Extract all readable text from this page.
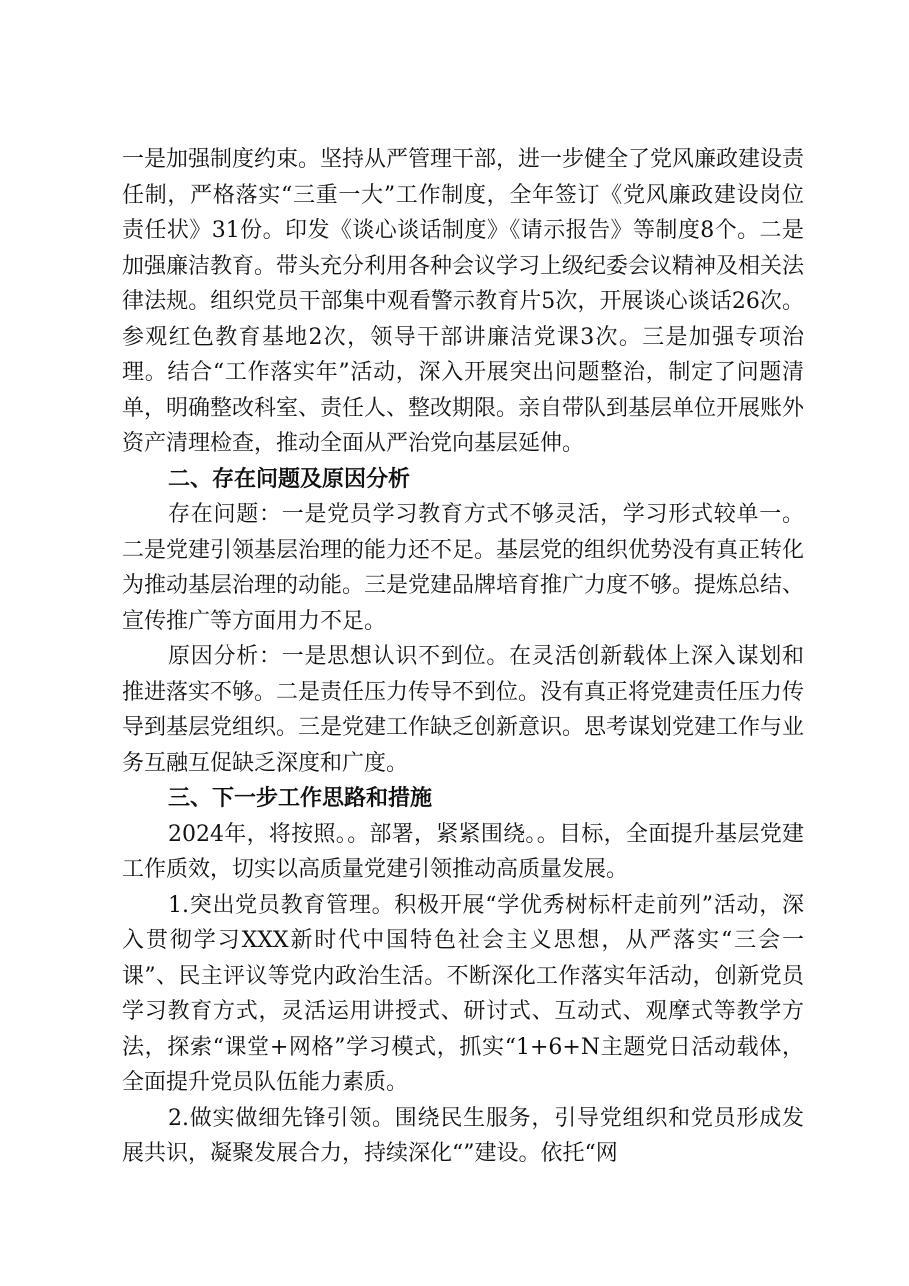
一是加强制度约束。坚持从严管理干部，进一步健全了党风廉政建设责任制，严格落实“三重一大”工作制度，全年签订《党风廉政建设岗位责任状》31份。印发《谈心谈话制度》《请示报告》等制度8个。二是加强廉洁教育。带头充分利用各种会议学习上级纪委会议精神及相关法律法规。组织党员干部集中观看警示教育片5次，开展谈心谈话26次。参观红色教育基地2次，领导干部讲廉洁党课3次。三是加强专项治理。结合“工作落实年”活动，深入开展突出问题整治，制定了问题清单，明确整改科室、责任人、整改期限。亲自带队到基层单位开展账外资产清理检查，推动全面从严治党向基层延伸。

二、存在问题及原因分析

存在问题：一是党员学习教育方式不够灵活，学习形式较单一。二是党建引领基层治理的能力还不足。基层党的组织优势没有真正转化为推动基层治理的动能。三是党建品牌培育推广力度不够。提炼总结、宣传推广等方面用力不足。

原因分析：一是思想认识不到位。在灵活创新载体上深入谋划和推进落实不够。二是责任压力传导不到位。没有真正将党建责任压力传导到基层党组织。三是党建工作缺乏创新意识。思考谋划党建工作与业务互融互促缺乏深度和广度。

三、下一步工作思路和措施

2024年，将按照。。部署，紧紧围绕。。目标，全面提升基层党建工作质效，切实以高质量党建引领推动高质量发展。

1.突出党员教育管理。积极开展“学优秀树标杆走前列”活动，深入贯彻学习XXX新时代中国特色社会主义思想，从严落实“三会一课”、民主评议等党内政治生活。不断深化工作落实年活动，创新党员学习教育方式，灵活运用讲授式、研讨式、互动式、观摩式等教学方法，探索“课堂+网格”学习模式，抓实“1+6+N主题党日活动载体，全面提升党员队伍能力素质。

2.做实做细先锋引领。围绕民生服务，引导党组织和党员形成发展共识，凝聚发展合力，持续深化“”建设。依托“网
